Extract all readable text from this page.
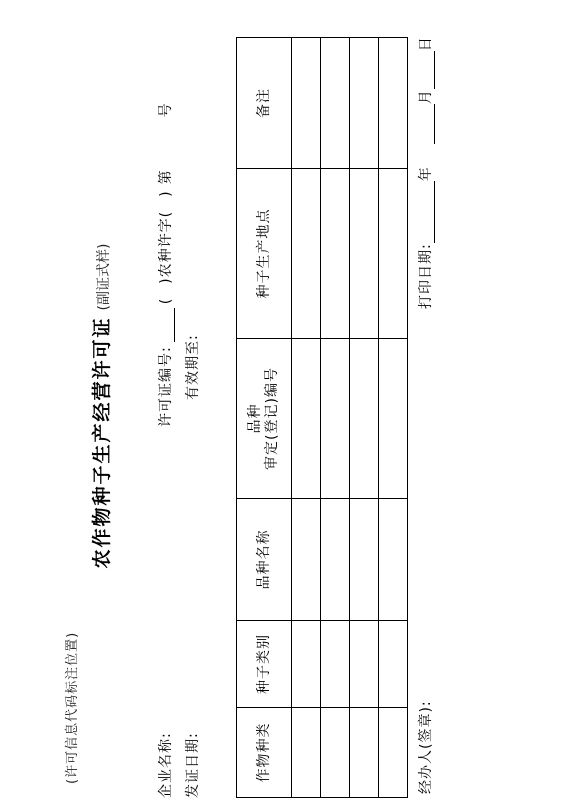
(许可信息代码标注位置)
农作物种子生产经营许可证(副证式样)
企业名称:
许可证编号:()农种许字()第号
发证日期:
有效期至:
作物种类	种子类别	品种名称	品种 审定(登记)编号	种子生产地点	备注

经办人(签章):
打印日期:年月日
